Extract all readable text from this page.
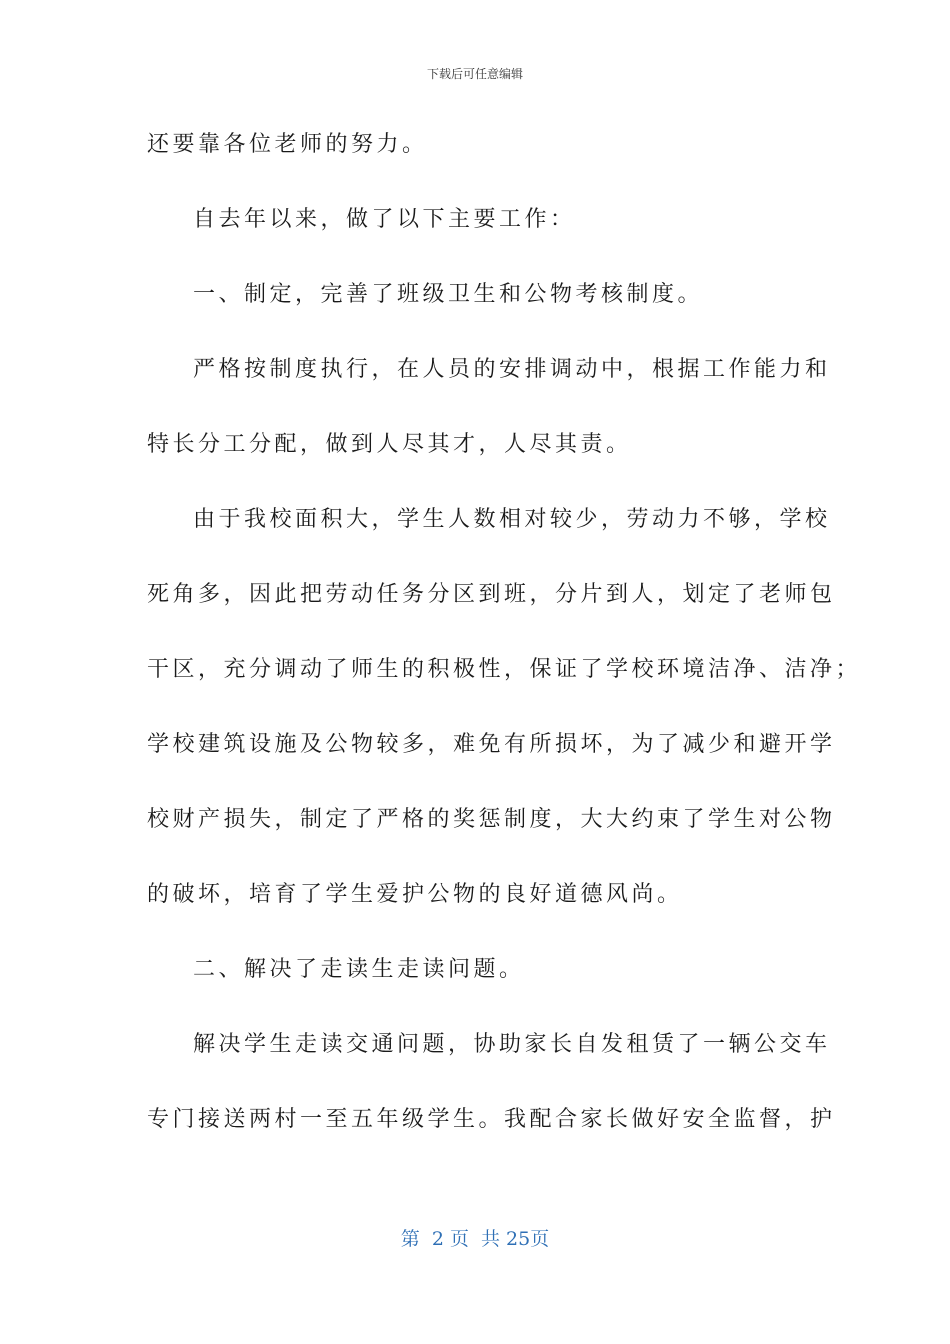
下载后可任意编辑
还要靠各位老师的努力。
自去年以来，做了以下主要工作：
一、制定，完善了班级卫生和公物考核制度。
严格按制度执行，在人员的安排调动中，根据工作能力和
特长分工分配，做到人尽其才，人尽其责。
由于我校面积大，学生人数相对较少，劳动力不够，学校
死角多，因此把劳动任务分区到班，分片到人，划定了老师包
干区，充分调动了师生的积极性，保证了学校环境洁净、洁净；
学校建筑设施及公物较多，难免有所损坏，为了减少和避开学
校财产损失，制定了严格的奖惩制度，大大约束了学生对公物
的破坏，培育了学生爱护公物的良好道德风尚。
二、解决了走读生走读问题。
解决学生走读交通问题，协助家长自发租赁了一辆公交车
专门接送两村一至五年级学生。我配合家长做好安全监督，护
第  2 页  共 25页
